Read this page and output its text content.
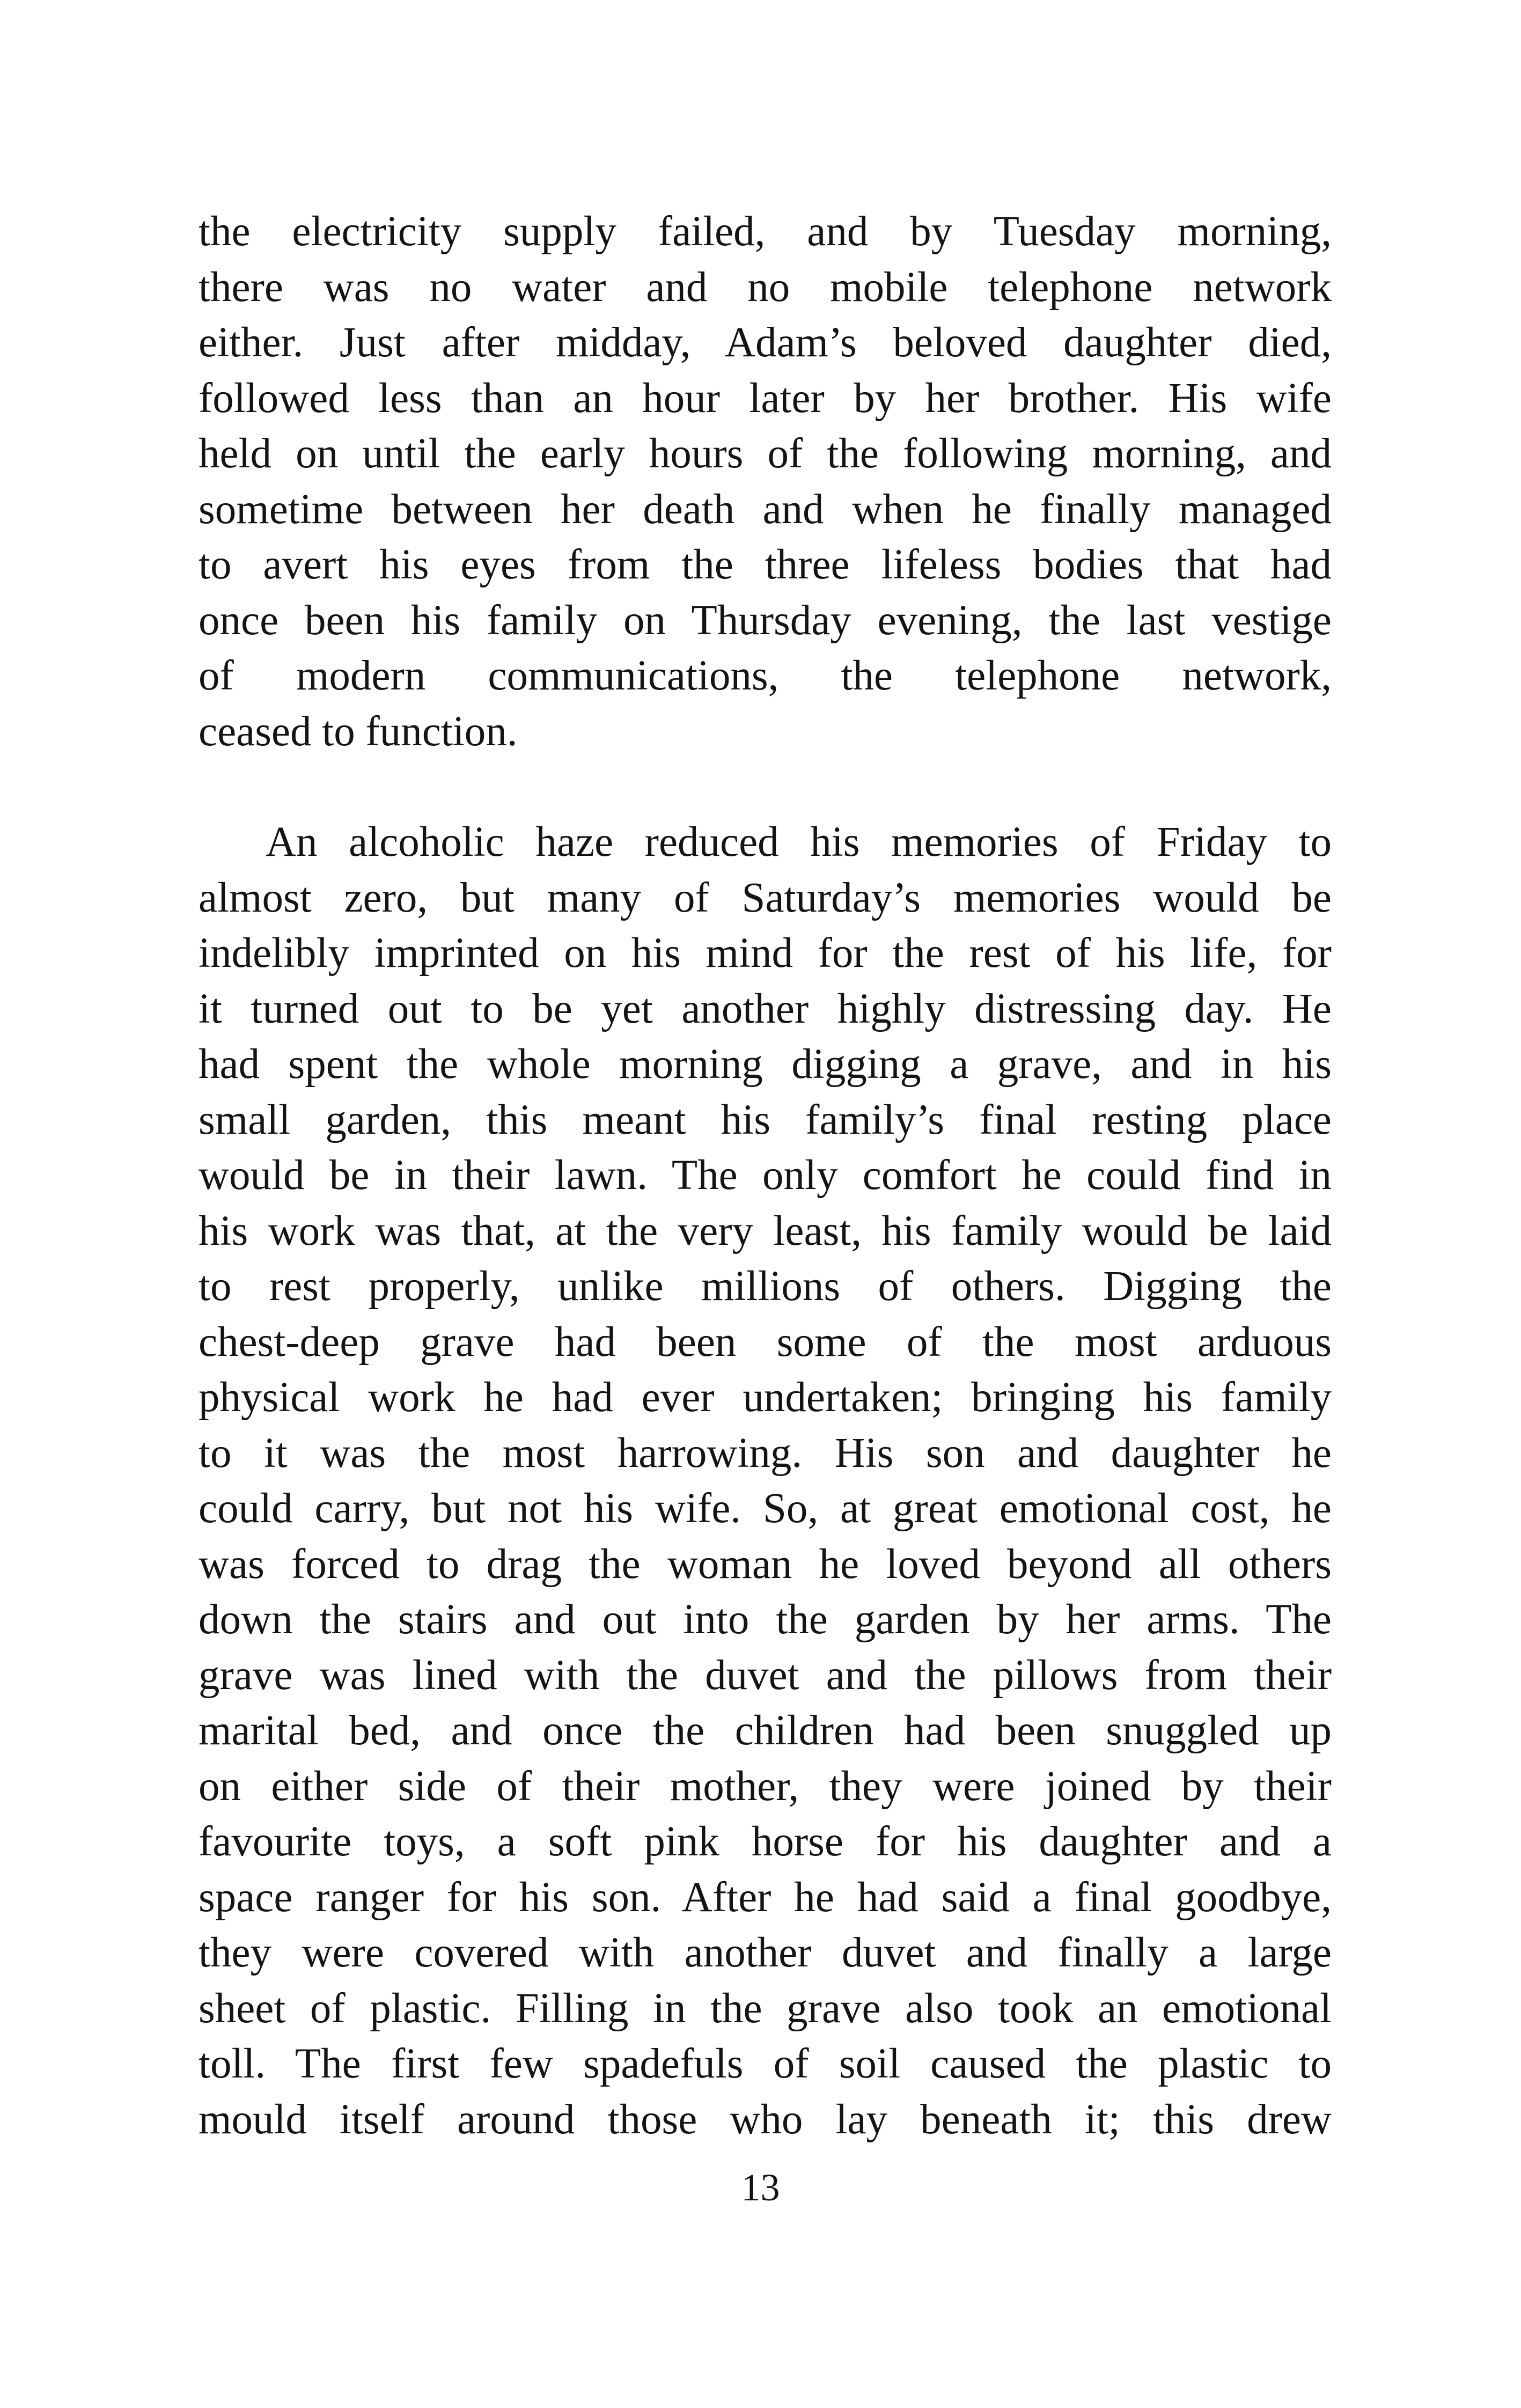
the electricity supply failed, and by Tuesday morning,
there was no water and no mobile telephone network
either. Just after midday, Adam’s beloved daughter died,
followed less than an hour later by her brother. His wife
held on until the early hours of the following morning, and
sometime between her death and when he finally managed
to avert his eyes from the three lifeless bodies that had
once been his family on Thursday evening, the last vestige
of modern communications, the telephone network,
ceased to function.
An alcoholic haze reduced his memories of Friday to
almost zero, but many of Saturday’s memories would be
indelibly imprinted on his mind for the rest of his life, for
it turned out to be yet another highly distressing day. He
had spent the whole morning digging a grave, and in his
small garden, this meant his family’s final resting place
would be in their lawn. The only comfort he could find in
his work was that, at the very least, his family would be laid
to rest properly, unlike millions of others. Digging the
chest-deep grave had been some of the most arduous
physical work he had ever undertaken; bringing his family
to it was the most harrowing. His son and daughter he
could carry, but not his wife. So, at great emotional cost, he
was forced to drag the woman he loved beyond all others
down the stairs and out into the garden by her arms. The
grave was lined with the duvet and the pillows from their
marital bed, and once the children had been snuggled up
on either side of their mother, they were joined by their
favourite toys, a soft pink horse for his daughter and a
space ranger for his son. After he had said a final goodbye,
they were covered with another duvet and finally a large
sheet of plastic. Filling in the grave also took an emotional
toll. The first few spadefuls of soil caused the plastic to
mould itself around those who lay beneath it; this drew
13
